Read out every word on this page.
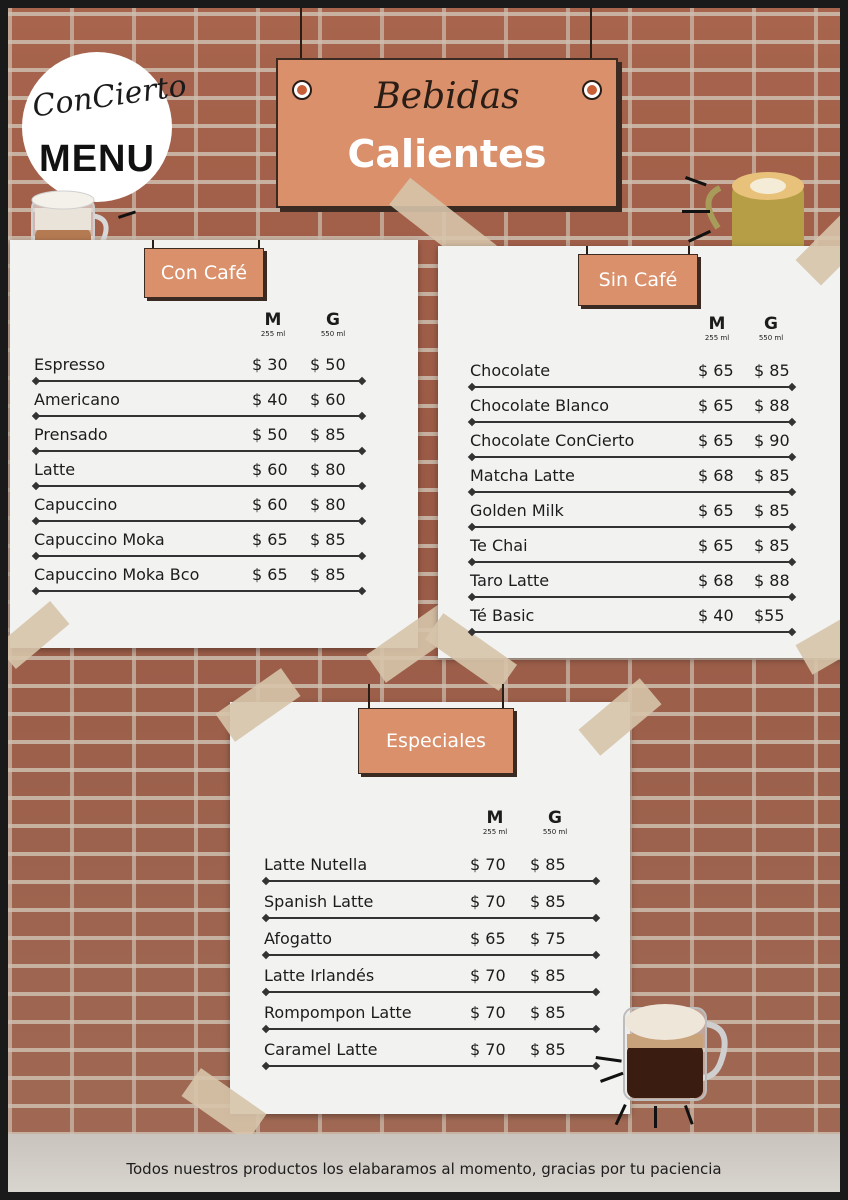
ConCierto
MENU
Bebidas
Calientes
Con Café
M
255 ml
G
550 ml
Espresso	$ 30 $ 50
Americano	$ 40 $ 60
Prensado	$ 50 $ 85
Latte	$ 60 $ 80
Capuccino	$ 60 $ 80
Capuccino Moka	$ 65 $ 85
Capuccino Moka Bco	$ 65 $ 85
Sin Café
M
255 ml
G
550 ml
Chocolate	$ 65 $ 85
Chocolate Blanco	$ 65 $ 88
Chocolate ConCierto	$ 65 $ 90
Matcha Latte	$ 68 $ 85
Golden Milk	$ 65 $ 85
Te Chai	$ 65 $ 85
Taro Latte	$ 68 $ 88
Té Basic	$ 40 $55
Especiales
M
255 ml
G
550 ml
Latte Nutella	$ 70 $ 85
Spanish Latte	$ 70 $ 85
Afogatto	$ 65 $ 75
Latte Irlandés	$ 70 $ 85
Rompompon Latte	$ 70 $ 85
Caramel Latte	$ 70 $ 85
Todos nuestros productos los elabaramos al momento, gracias por tu paciencia
